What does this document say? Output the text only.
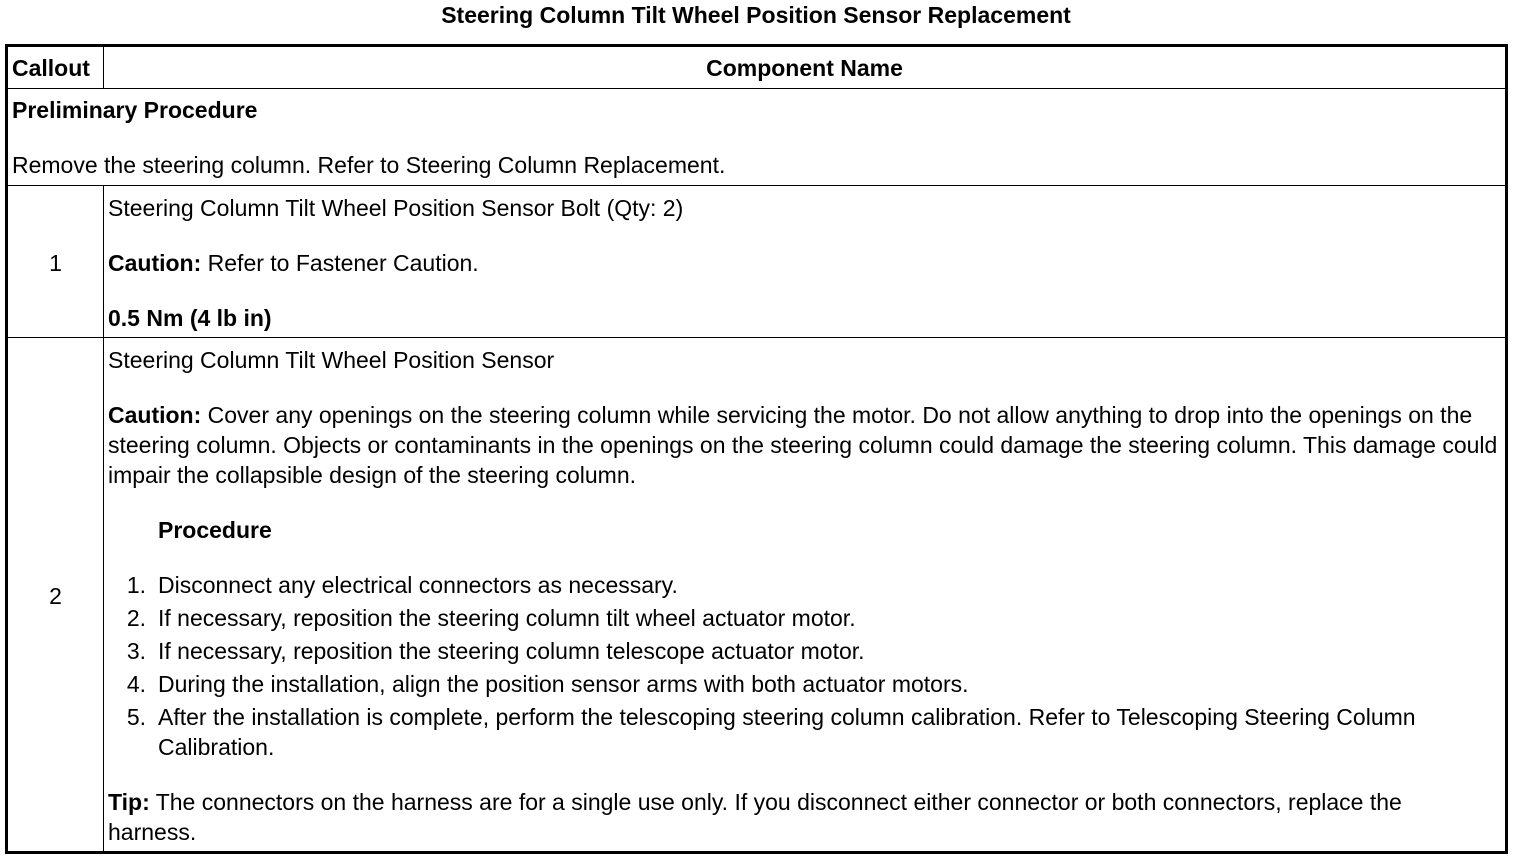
Steering Column Tilt Wheel Position Sensor Replacement
Callout	Component Name
Preliminary Procedure
Remove the steering column. Refer to Steering Column Replacement.
1
Steering Column Tilt Wheel Position Sensor Bolt (Qty: 2)
Caution: Refer to Fastener Caution.
0.5 Nm (4 lb in)
2
Steering Column Tilt Wheel Position Sensor
Caution: Cover any openings on the steering column while servicing the motor. Do not allow anything to drop into the openings on the steering column. Objects or contaminants in the openings on the steering column could damage the steering column. This damage could impair the collapsible design of the steering column.
Procedure
1. Disconnect any electrical connectors as necessary.
2. If necessary, reposition the steering column tilt wheel actuator motor.
3. If necessary, reposition the steering column telescope actuator motor.
4. During the installation, align the position sensor arms with both actuator motors.
5. After the installation is complete, perform the telescoping steering column calibration. Refer to Telescoping Steering Column Calibration.
Tip: The connectors on the harness are for a single use only. If you disconnect either connector or both connectors, replace the harness.
